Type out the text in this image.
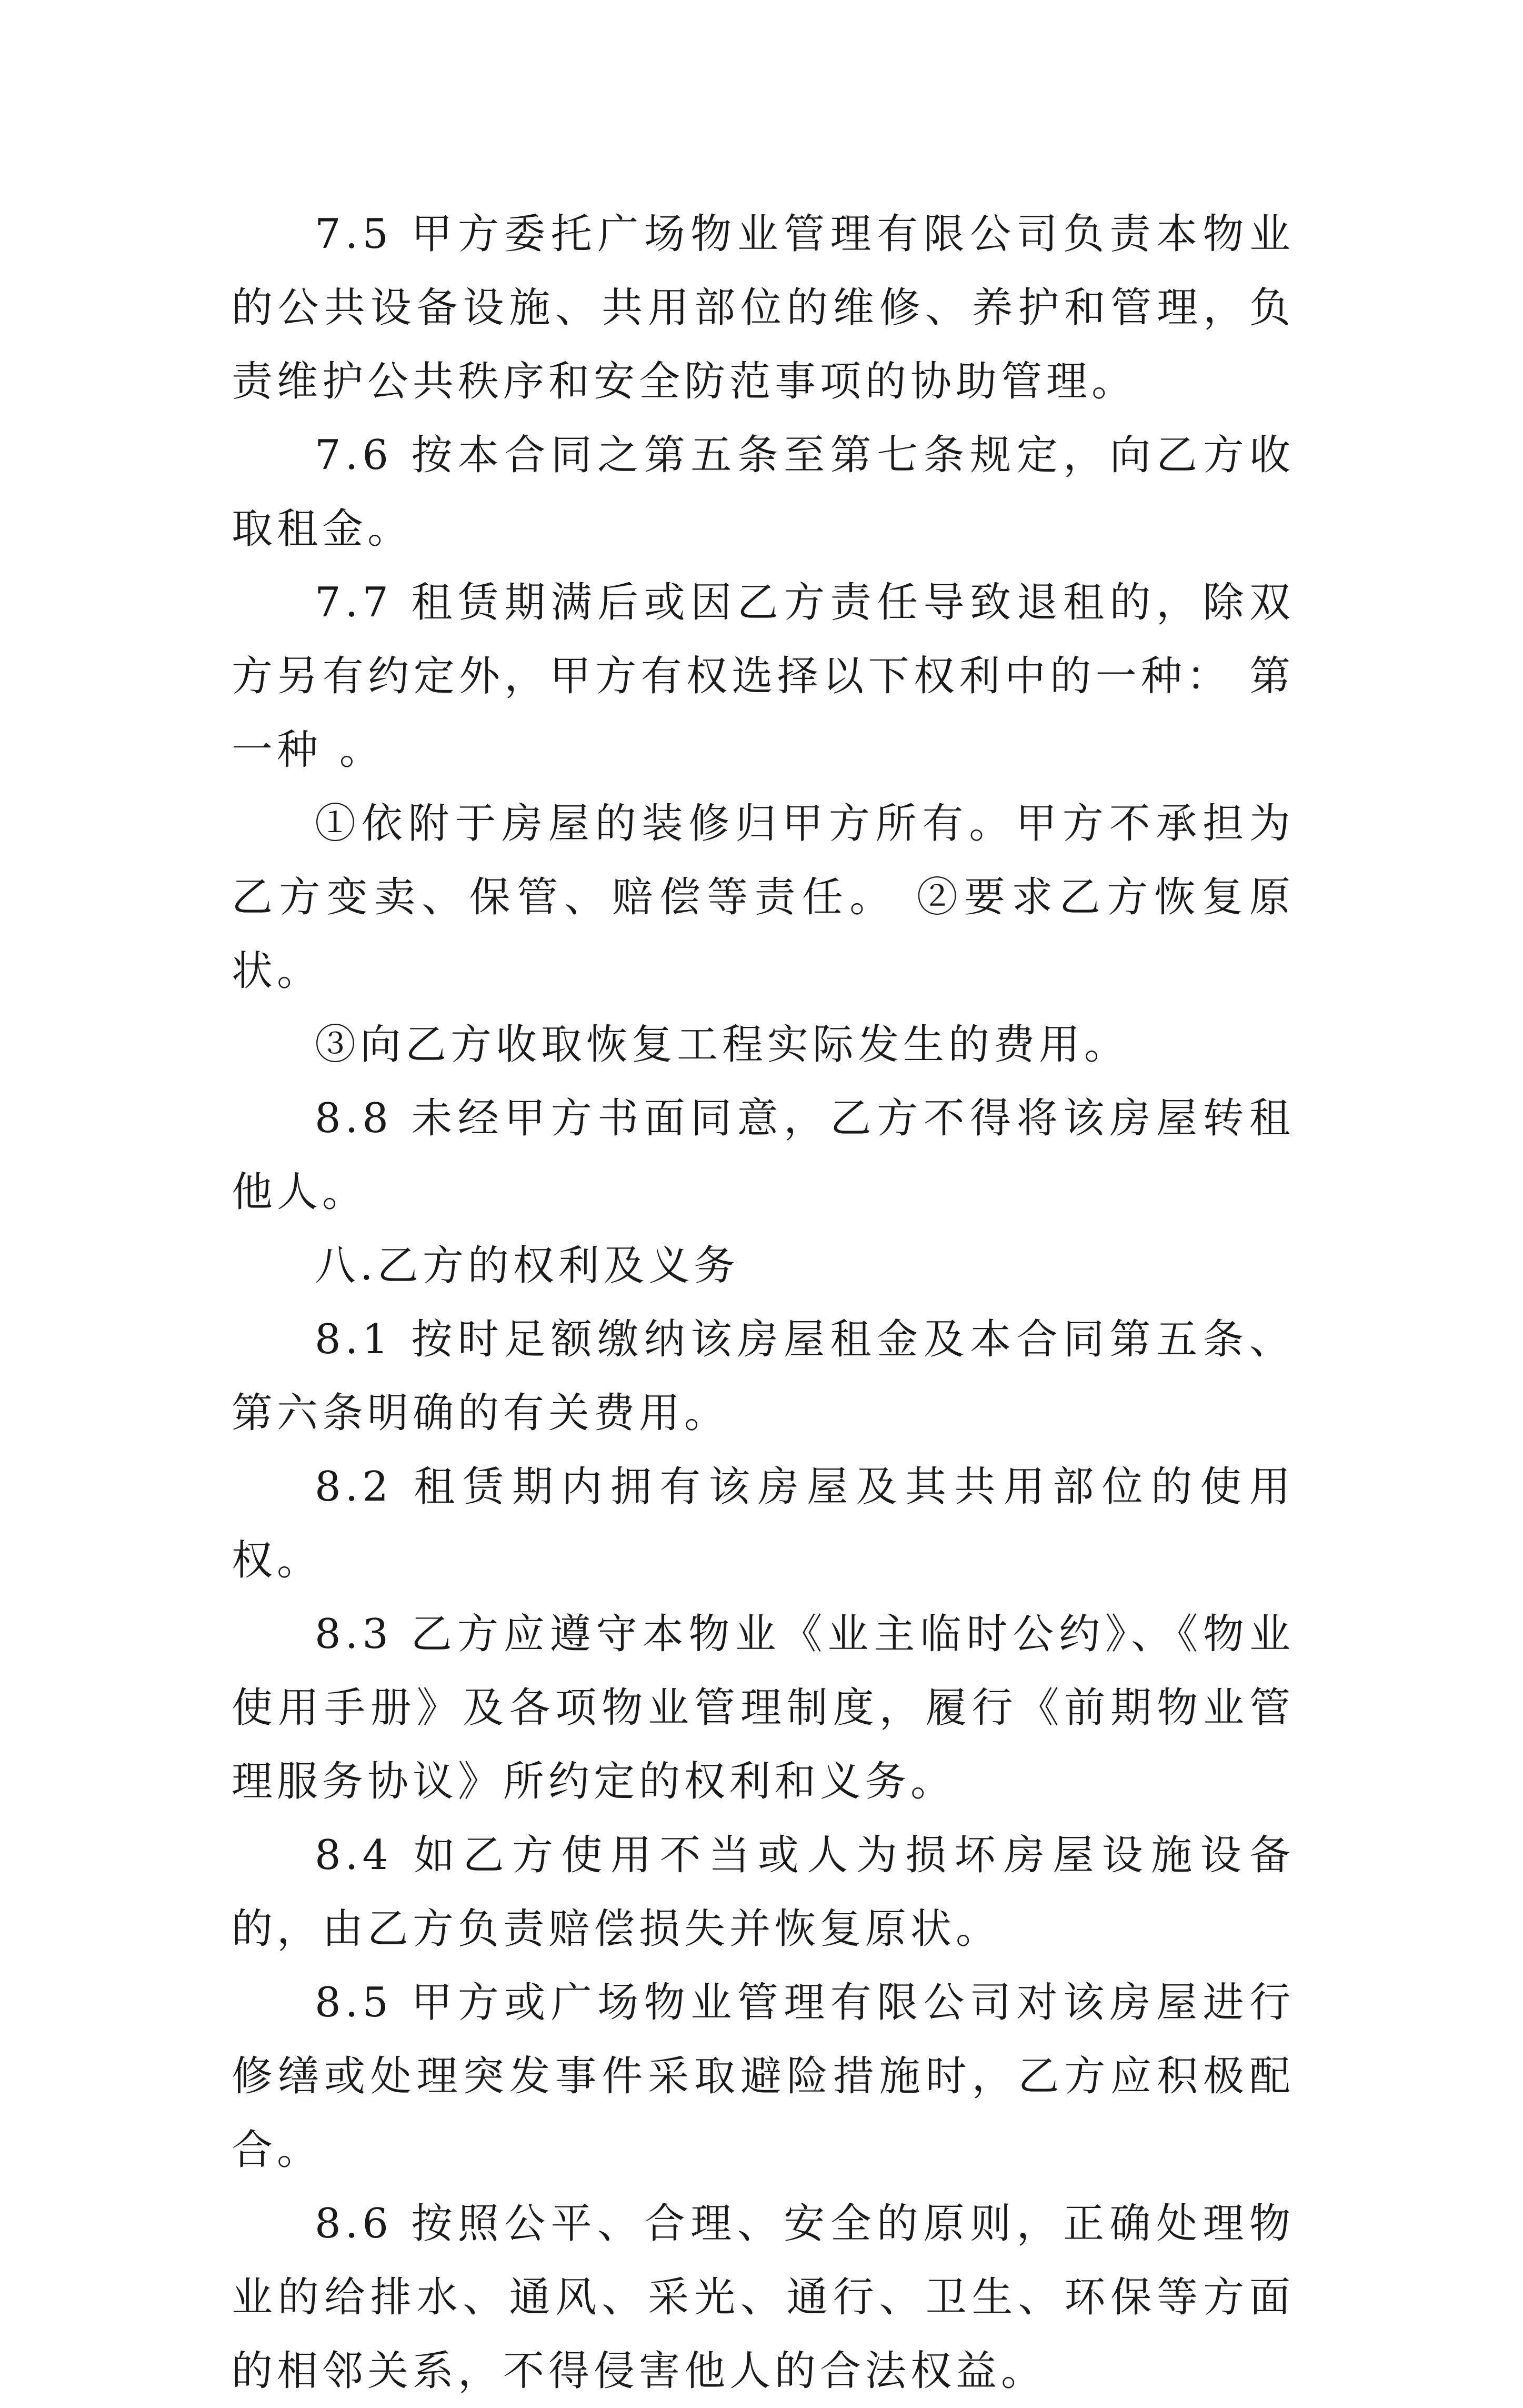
7.5 甲方委托广场物业管理有限公司负责本物业的公共设备设施、共用部位的维修、养护和管理，负责维护公共秩序和安全防范事项的协助管理。

7.6 按本合同之第五条至第七条规定，向乙方收取租金。

7.7 租赁期满后或因乙方责任导致退租的，除双方另有约定外，甲方有权选择以下权利中的一种： 第一种 。

①依附于房屋的装修归甲方所有。甲方不承担为乙方变卖、保管、赔偿等责任。 ②要求乙方恢复原状。

③向乙方收取恢复工程实际发生的费用。

8.8 未经甲方书面同意，乙方不得将该房屋转租他人。

八.乙方的权利及义务

8.1 按时足额缴纳该房屋租金及本合同第五条、第六条明确的有关费用。

8.2 租赁期内拥有该房屋及其共用部位的使用权。

8.3 乙方应遵守本物业《业主临时公约》、《物业使用手册》及各项物业管理制度，履行《前期物业管理服务协议》所约定的权利和义务。

8.4 如乙方使用不当或人为损坏房屋设施设备的，由乙方负责赔偿损失并恢复原状。

8.5 甲方或广场物业管理有限公司对该房屋进行修缮或处理突发事件采取避险措施时，乙方应积极配合。

8.6 按照公平、合理、安全的原则，正确处理物业的给排水、通风、采光、通行、卫生、环保等方面的相邻关系，不得侵害他人的合法权益。
